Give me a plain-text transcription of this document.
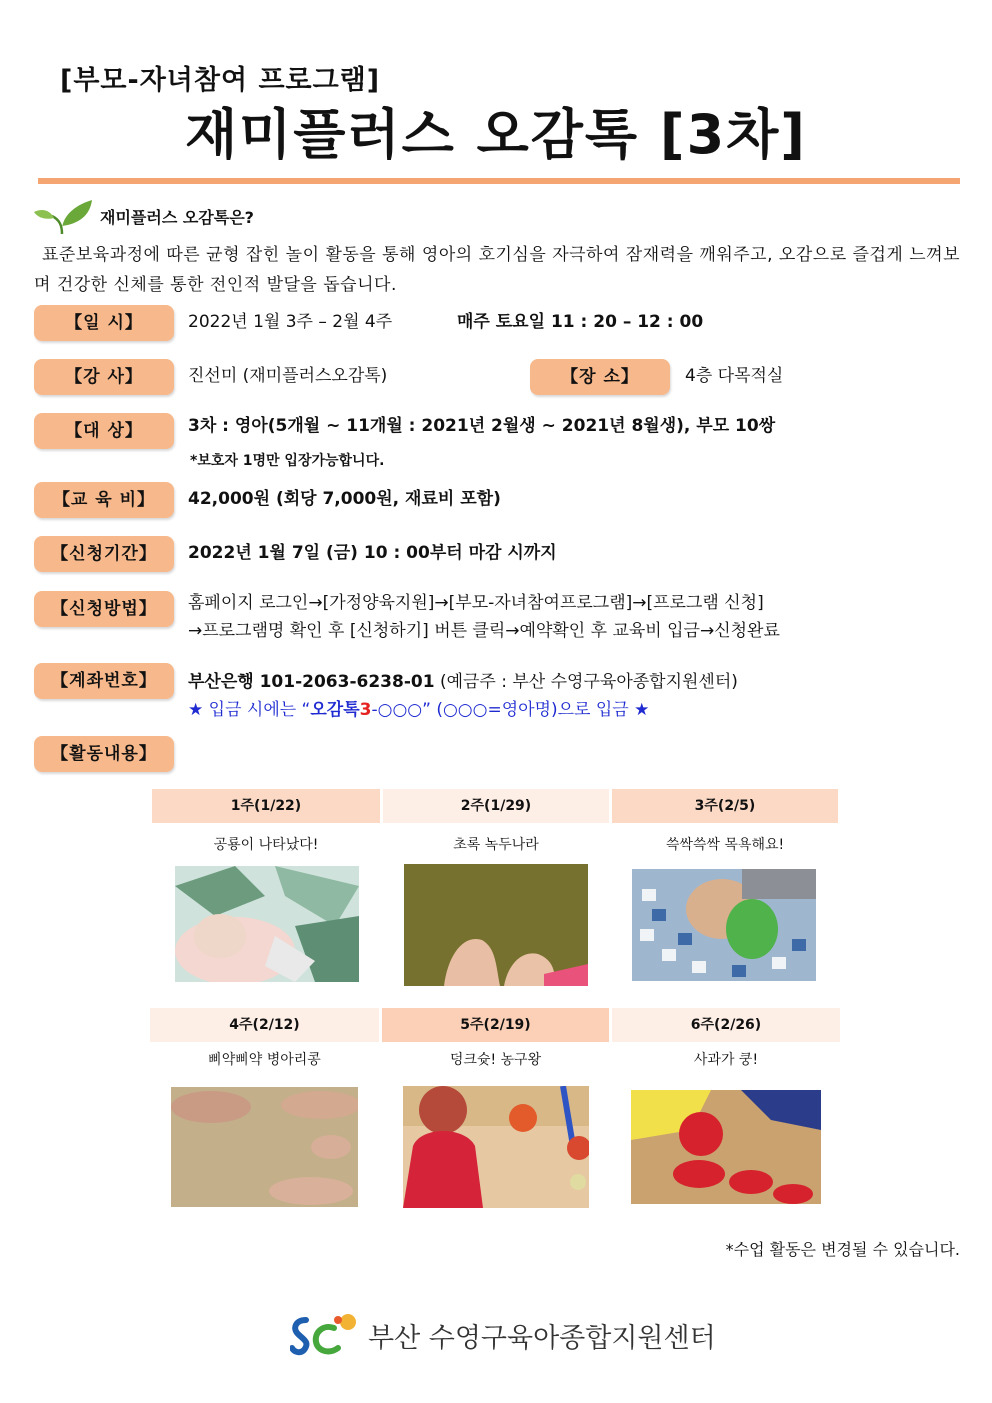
[부모-자녀참여 프로그램]
재미플러스 오감톡 [3차]
재미플러스 오감톡은?
표준보육과정에 따른 균형 잡힌 놀이 활동을 통해 영아의 호기심을 자극하여 잠재력을 깨워주고, 오감으로 즐겁게 느껴보며 건강한 신체를 통한 전인적 발달을 돕습니다.
【일 시】	2022년 1월 3주 – 2월 4주	매주 토요일 11 : 20 – 12 : 00
【강 사】	진선미 (재미플러스오감톡)	【장 소】	4층 다목적실
【대 상】	3차 : 영아(5개월 ~ 11개월 : 2021년 2월생 ~ 2021년 8월생), 부모 10쌍
*보호자 1명만 입장가능합니다.
【교 육 비】	42,000원 (회당 7,000원, 재료비 포함)
【신청기간】	2022년 1월 7일 (금) 10 : 00부터 마감 시까지
【신청방법】	홈페이지 로그인→[가정양육지원]→[부모-자녀참여프로그램]→[프로그램 신청]
→프로그램명 확인 후 [신청하기] 버튼 클릭→예약확인 후 교육비 입금→신청완료
【계좌번호】	부산은행 101-2063-6238-01 (예금주 : 부산 수영구육아종합지원센터)
★ 입금 시에는 “오감톡3-○○○” (○○○=영아명)으로 입금 ★
【활동내용】
1주(1/22)	2주(1/29)	3주(2/5)
공룡이 나타났다!	초록 녹두나라	쓱싹쓱싹 목욕해요!
4주(2/12)	5주(2/19)	6주(2/26)
삐약삐약 병아리콩	덩크슛! 농구왕	사과가 쿵!
*수업 활동은 변경될 수 있습니다.
부산 수영구육아종합지원센터
